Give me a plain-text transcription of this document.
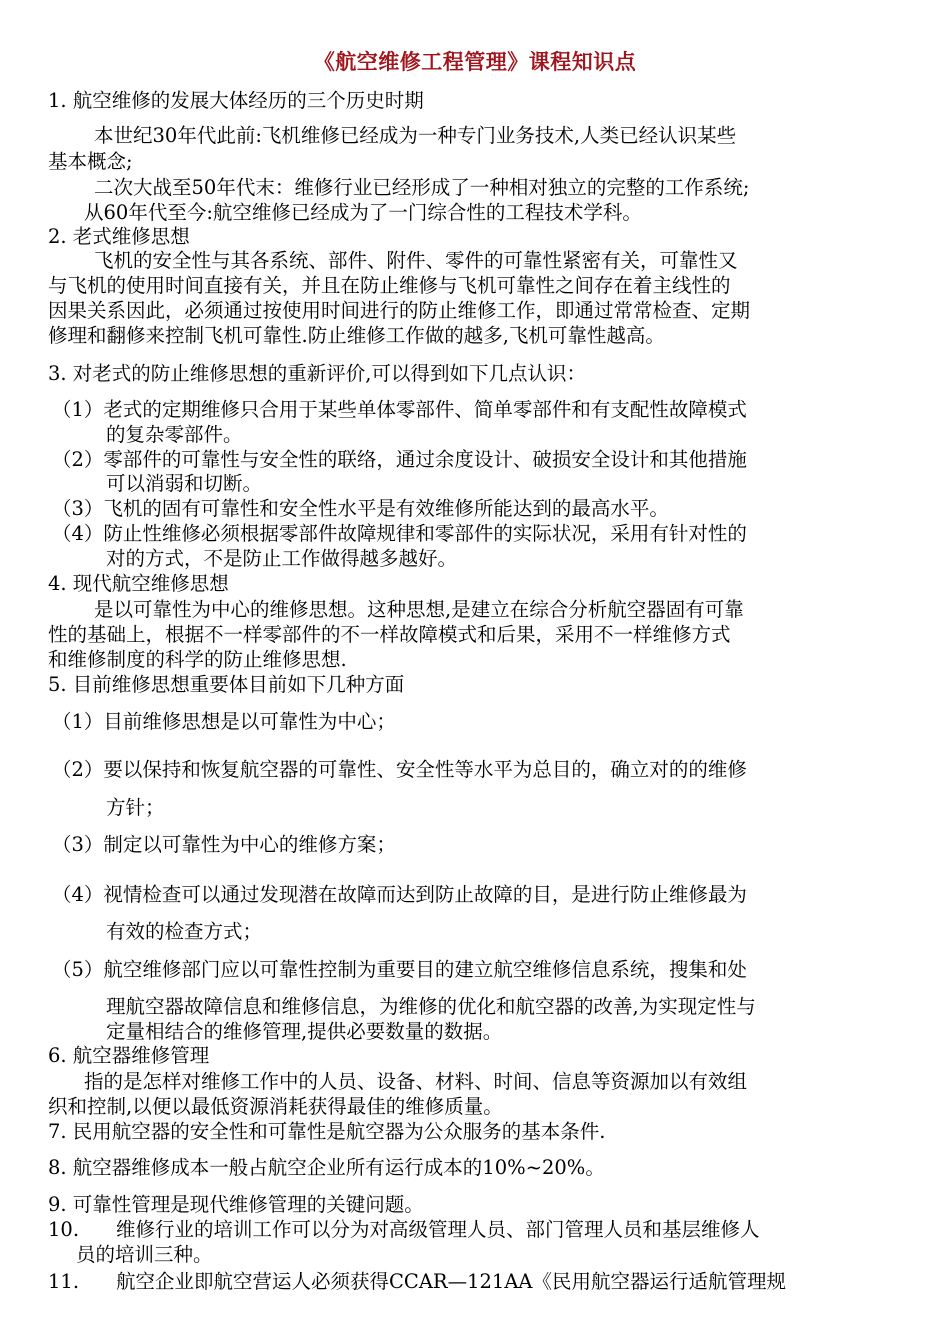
《航空维修工程管理》课程知识点
1. 航空维修的发展大体经历的三个历史时期
本世纪30年代此前:飞机维修已经成为一种专门业务技术,人类已经认识某些
基本概念;
二次大战至50年代末：维修行业已经形成了一种相对独立的完整的工作系统;
从60年代至今:航空维修已经成为了一门综合性的工程技术学科。
2. 老式维修思想
飞机的安全性与其各系统、部件、附件、零件的可靠性紧密有关，可靠性又
与飞机的使用时间直接有关，并且在防止维修与飞机可靠性之间存在着主线性的
因果关系因此，必须通过按使用时间进行的防止维修工作，即通过常常检查、定期
修理和翻修来控制飞机可靠性.防止维修工作做的越多,飞机可靠性越高。
3. 对老式的防止维修思想的重新评价,可以得到如下几点认识：
（1）老式的定期维修只合用于某些单体零部件、简单零部件和有支配性故障模式
的复杂零部件。
（2）零部件的可靠性与安全性的联络，通过余度设计、破损安全设计和其他措施
可以消弱和切断。
（3）飞机的固有可靠性和安全性水平是有效维修所能达到的最高水平。
（4）防止性维修必须根据零部件故障规律和零部件的实际状况，采用有针对性的
对的方式，不是防止工作做得越多越好。
4. 现代航空维修思想
是以可靠性为中心的维修思想。这种思想,是建立在综合分析航空器固有可靠
性的基础上，根据不一样零部件的不一样故障模式和后果，采用不一样维修方式
和维修制度的科学的防止维修思想.
5. 目前维修思想重要体目前如下几种方面
（1）目前维修思想是以可靠性为中心；
（2）要以保持和恢复航空器的可靠性、安全性等水平为总目的，确立对的的维修
方针；
（3）制定以可靠性为中心的维修方案；
（4）视情检查可以通过发现潜在故障而达到防止故障的目，是进行防止维修最为
有效的检查方式；
（5）航空维修部门应以可靠性控制为重要目的建立航空维修信息系统，搜集和处
理航空器故障信息和维修信息，为维修的优化和航空器的改善,为实现定性与
定量相结合的维修管理,提供必要数量的数据。
6. 航空器维修管理
指的是怎样对维修工作中的人员、设备、材料、时间、信息等资源加以有效组
织和控制,以便以最低资源消耗获得最佳的维修质量。
7. 民用航空器的安全性和可靠性是航空器为公众服务的基本条件.
8. 航空器维修成本一般占航空企业所有运行成本的10%~20%。
9. 可靠性管理是现代维修管理的关键问题。
10. 维修行业的培训工作可以分为对高级管理人员、部门管理人员和基层维修人
员的培训三种。
11. 航空企业即航空营运人必须获得CCAR—121AA《民用航空器运行适航管理规
